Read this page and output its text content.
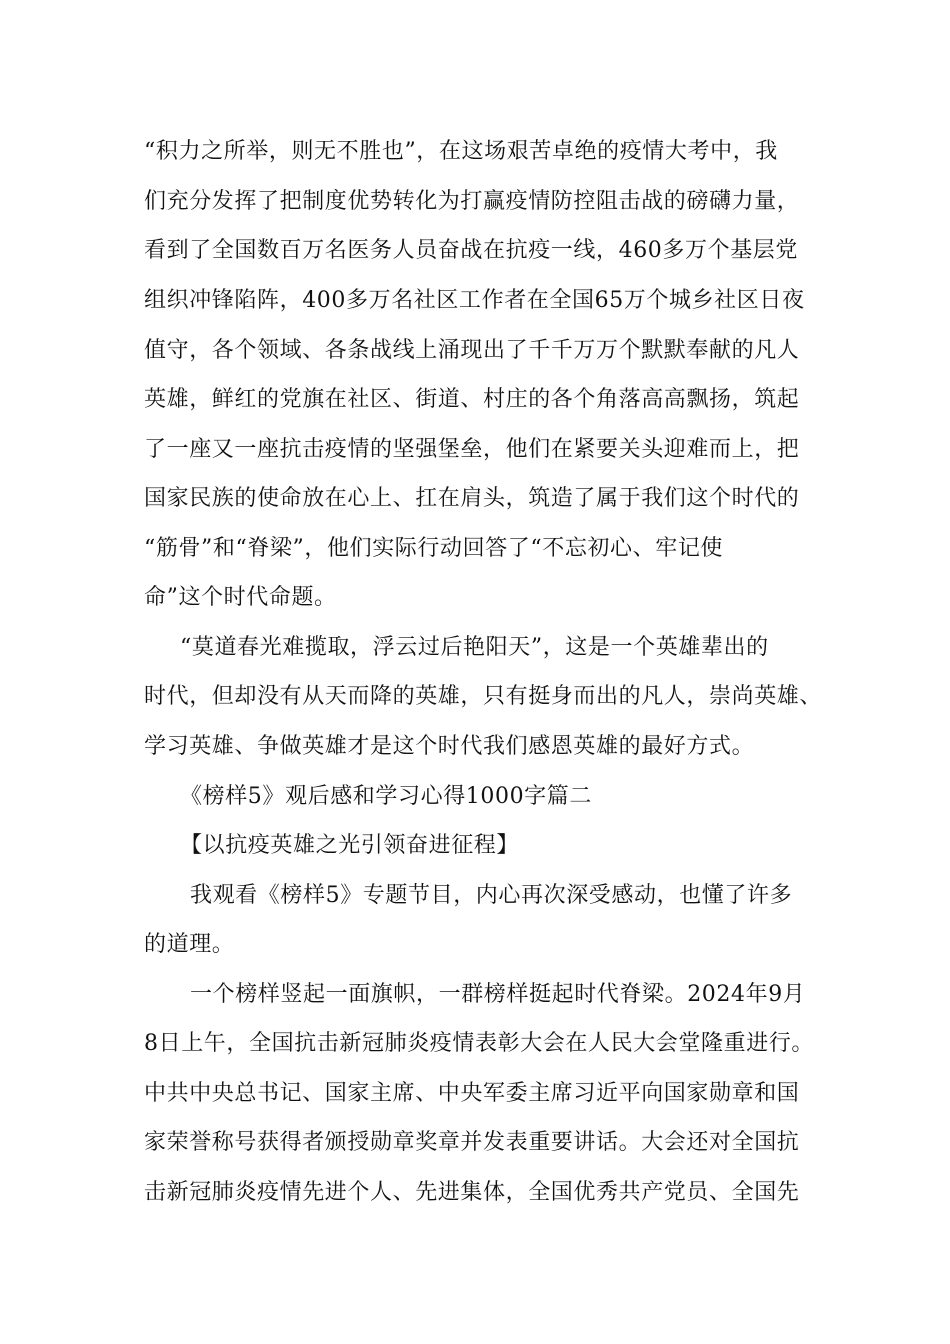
“积力之所举，则无不胜也”，在这场艰苦卓绝的疫情大考中，我
们充分发挥了把制度优势转化为打赢疫情防控阻击战的磅礴力量，
看到了全国数百万名医务人员奋战在抗疫一线，460多万个基层党
组织冲锋陷阵，400多万名社区工作者在全国65万个城乡社区日夜
值守，各个领域、各条战线上涌现出了千千万万个默默奉献的凡人
英雄，鲜红的党旗在社区、街道、村庄的各个角落高高飘扬，筑起
了一座又一座抗击疫情的坚强堡垒，他们在紧要关头迎难而上，把
国家民族的使命放在心上、扛在肩头，筑造了属于我们这个时代的
“筋骨”和“脊梁”，他们实际行动回答了“不忘初心、牢记使
命”这个时代命题。
“莫道春光难揽取，浮云过后艳阳天”，这是一个英雄辈出的
时代，但却没有从天而降的英雄，只有挺身而出的凡人，崇尚英雄、
学习英雄、争做英雄才是这个时代我们感恩英雄的最好方式。
《榜样5》观后感和学习心得1000字篇二
【以抗疫英雄之光引领奋进征程】
我观看《榜样5》专题节目，内心再次深受感动，也懂了许多
的道理。
一个榜样竖起一面旗帜，一群榜样挺起时代脊梁。2024年9月
8日上午，全国抗击新冠肺炎疫情表彰大会在人民大会堂隆重进行。
中共中央总书记、国家主席、中央军委主席习近平向国家勋章和国
家荣誉称号获得者颁授勋章奖章并发表重要讲话。大会还对全国抗
击新冠肺炎疫情先进个人、先进集体，全国优秀共产党员、全国先
